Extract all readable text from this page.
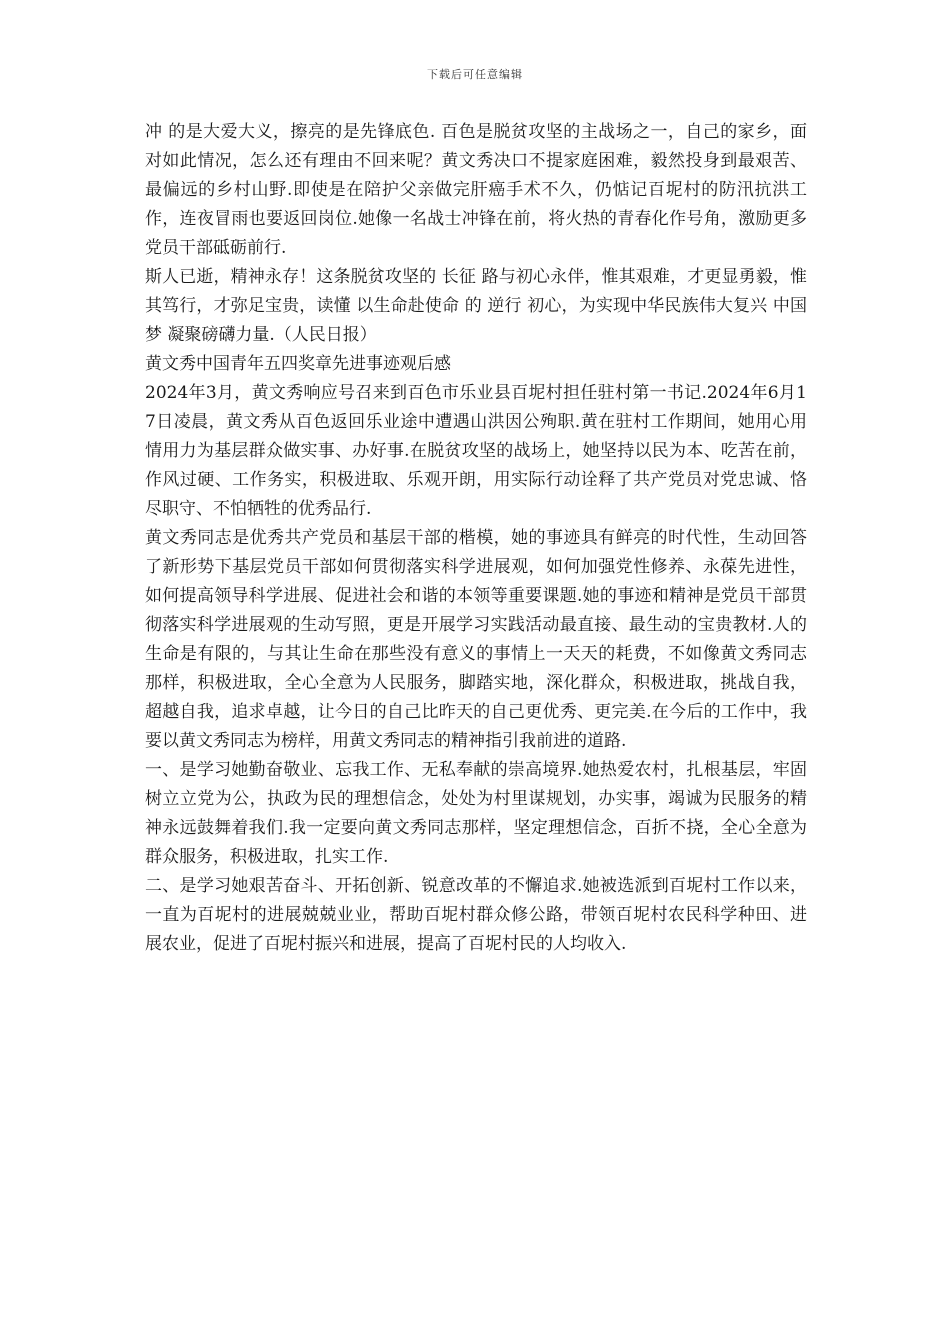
下载后可任意编辑

冲 的是大爱大义，擦亮的是先锋底色. 百色是脱贫攻坚的主战场之一，自己的家乡，面对如此情况，怎么还有理由不回来呢？黄文秀决口不提家庭困难，毅然投身到最艰苦、最偏远的乡村山野.即使是在陪护父亲做完肝癌手术不久，仍惦记百坭村的防汛抗洪工作，连夜冒雨也要返回岗位.她像一名战士冲锋在前，将火热的青春化作号角，激励更多党员干部砥砺前行.

斯人已逝，精神永存！这条脱贫攻坚的 长征 路与初心永伴，惟其艰难，才更显勇毅，惟其笃行，才弥足宝贵，读懂 以生命赴使命 的 逆行 初心，为实现中华民族伟大复兴 中国梦 凝聚磅礴力量.（人民日报）

黄文秀中国青年五四奖章先进事迹观后感

2024年3月，黄文秀响应号召来到百色市乐业县百坭村担任驻村第一书记.2024年6月17日凌晨，黄文秀从百色返回乐业途中遭遇山洪因公殉职.黄在驻村工作期间，她用心用情用力为基层群众做实事、办好事.在脱贫攻坚的战场上，她坚持以民为本、吃苦在前，作风过硬、工作务实，积极进取、乐观开朗，用实际行动诠释了共产党员对党忠诚、恪尽职守、不怕牺牲的优秀品行.

黄文秀同志是优秀共产党员和基层干部的楷模，她的事迹具有鲜亮的时代性，生动回答了新形势下基层党员干部如何贯彻落实科学进展观，如何加强党性修养、永葆先进性，如何提高领导科学进展、促进社会和谐的本领等重要课题.她的事迹和精神是党员干部贯彻落实科学进展观的生动写照，更是开展学习实践活动最直接、最生动的宝贵教材.人的生命是有限的，与其让生命在那些没有意义的事情上一天天的耗费，不如像黄文秀同志那样，积极进取，全心全意为人民服务，脚踏实地，深化群众，积极进取，挑战自我，超越自我，追求卓越，让今日的自己比昨天的自己更优秀、更完美.在今后的工作中，我要以黄文秀同志为榜样，用黄文秀同志的精神指引我前进的道路.

一、是学习她勤奋敬业、忘我工作、无私奉献的崇高境界.她热爱农村，扎根基层，牢固树立立党为公，执政为民的理想信念，处处为村里谋规划，办实事，竭诚为民服务的精神永远鼓舞着我们.我一定要向黄文秀同志那样，坚定理想信念，百折不挠，全心全意为群众服务，积极进取，扎实工作.

二、是学习她艰苦奋斗、开拓创新、锐意改革的不懈追求.她被选派到百坭村工作以来，一直为百坭村的进展兢兢业业，帮助百坭村群众修公路，带领百坭村农民科学种田、进展农业，促进了百坭村振兴和进展，提高了百坭村民的人均收入.
